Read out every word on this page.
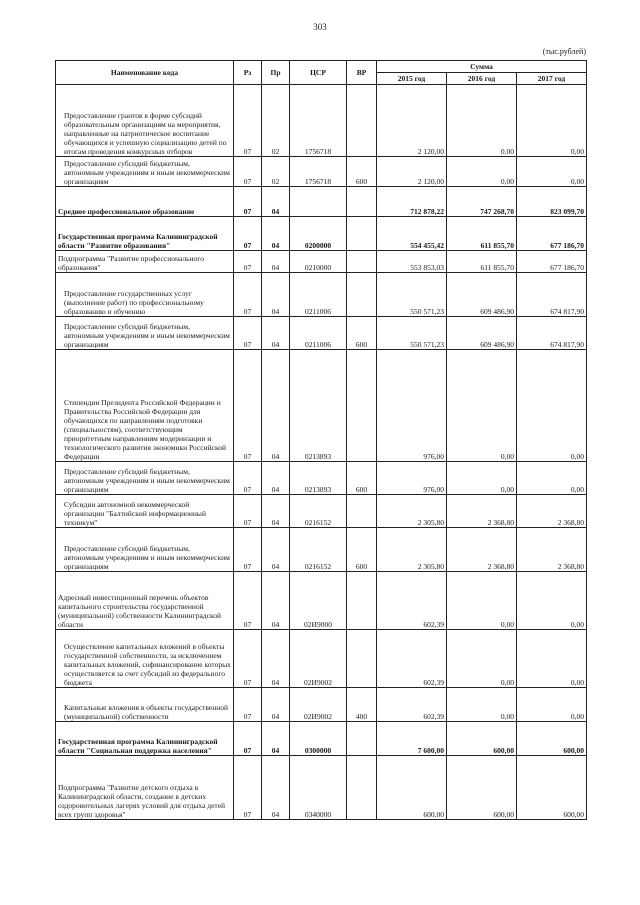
303
(тыс.рублей)
Наименование кода	Рз	Пр	ЦСР	ВР	Сумма		
					2015 год	2016 год	2017 год
Предоставление грантов в форме субсидий образовательным организациям на мероприятия, направленные на патриотическое воспитание обучающихся и успешную социализацию детей по итогам проведения конкурсных отборов	07	02	1756718		2 120,00	0,00	0,00
Предоставление субсидий бюджетным, автономным учреждениям и иным некоммерческим организациям	07	02	1756718	600	2 120,00	0,00	0,00
Среднее профессиональное образование	07	04			712 878,22	747 268,70	823 099,70
Государственная программа Калининградской области "Развитие образования"	07	04	0200000		554 455,42	611 855,70	677 186,70
Подпрограмма "Развитие профессионального образования"	07	04	0210000		553 853,03	611 855,70	677 186,70
Предоставление государственных услуг (выполнение работ) по профессиональному образованию и обучению	07	04	0211006		550 571,23	609 486,90	674 817,90
Предоставление субсидий бюджетным, автономным учреждениям и иным некоммерческим организациям	07	04	0211006	600	550 571,23	609 486,90	674 817,90
Стипендии Президента Российской Федерации и Правительства Российской Федерации для обучающихся по направлениям подготовки (специальностям), соответствующим приоритетным направлениям модернизации и технологического развития экономики Российской Федерации	07	04	0213893		976,00	0,00	0,00
Предоставление субсидий бюджетным, автономным учреждениям и иным некоммерческим организациям	07	04	0213893	600	976,00	0,00	0,00
Субсидии автономной некоммерческой организации "Балтийский информационный техникум"	07	04	0216152		2 305,80	2 368,80	2 368,80
Предоставление субсидий бюджетным, автономным учреждениям и иным некоммерческим организациям	07	04	0216152	600	2 305,80	2 368,80	2 368,80
Адресный инвестиционный перечень объектов капитального строительства государственной (муниципальной) собственности Калининградской области	07	04	02И9000		602,39	0,00	0,00
Осуществление капитальных вложений в объекты государственной собственности, за исключением капитальных вложений, софинансирование которых осуществляется за счет субсидий из федерального бюджета	07	04	02И9002		602,39	0,00	0,00
Капитальные вложения в объекты государственной (муниципальной) собственности	07	04	02И9002	400	602,39	0,00	0,00
Государственная программа Калининградской области "Социальная поддержка населения"	07	04	0300000		7 600,00	600,00	600,00
Подпрограмма "Развитие детского отдыха в Калининградской области, создание в детских оздоровительных лагерях условий для отдыха детей всех групп здоровья"	07	04	0340000		600,00	600,00	600,00
